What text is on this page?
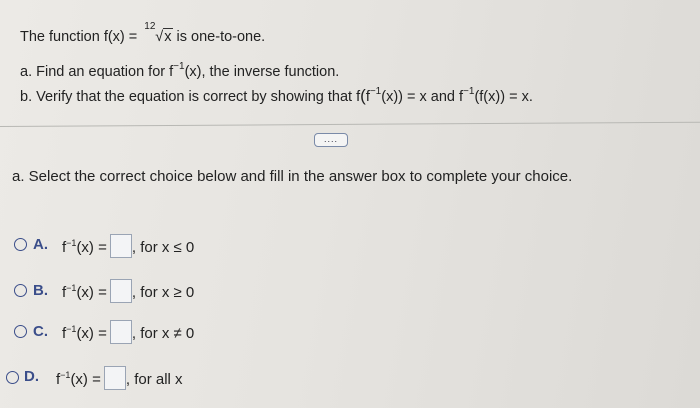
The function f(x) =
12
√x is one-to-one.
a. Find an equation for $f^{-1}(x)$, the inverse function.
b. Verify that the equation is correct by showing that $f(f^{-1}(x)) = x$ and $f^{-1}(f(x)) = x$.
....
a. Select the correct choice below and fill in the answer box to complete your choice.
A. $f^{-1}(x)$ = , for x ≤ 0
B. $f^{-1}(x)$ = , for x ≥ 0
C. $f^{-1}(x)$ = , for x ≠ 0
D. $f^{-1}(x)$ = , for all x
